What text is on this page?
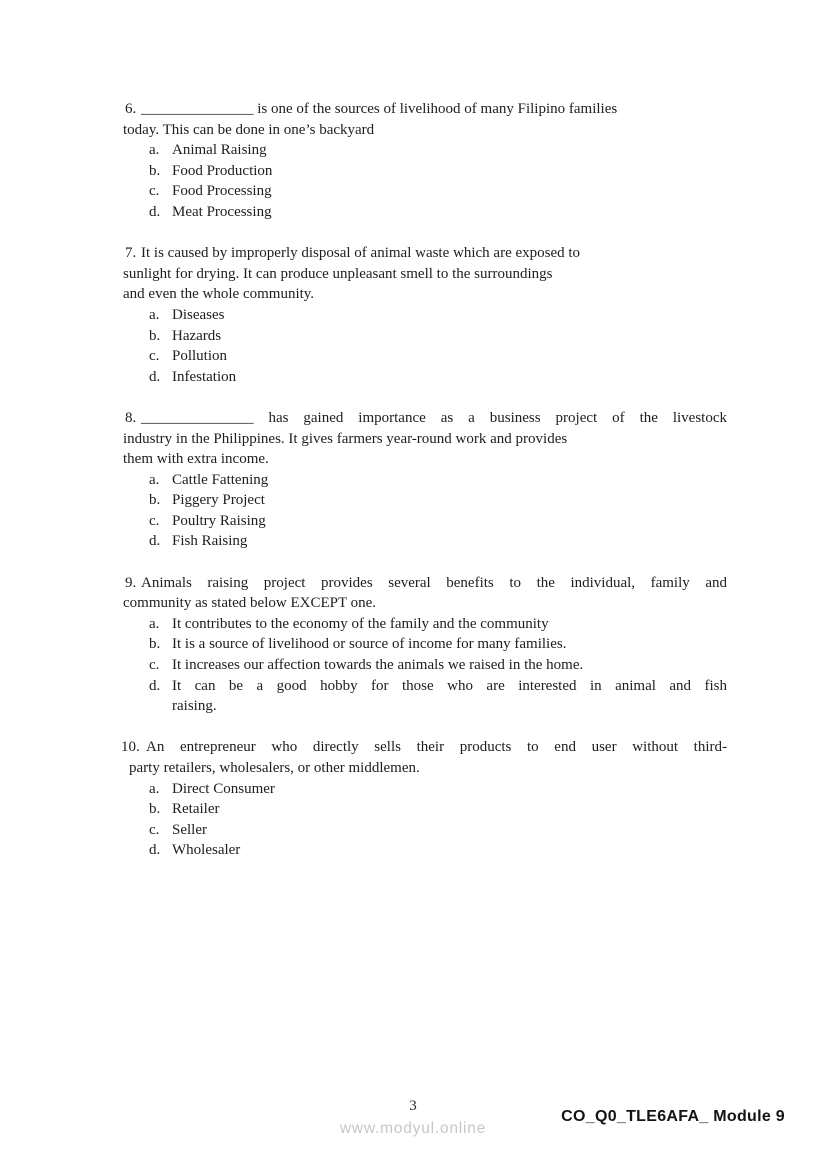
6. _______________ is one of the sources of livelihood of many Filipino families
today. This can be done in one’s backyard
a. Animal Raising
b. Food Production
c. Food Processing
d. Meat Processing
7. It is caused by improperly disposal of animal waste which are exposed to
sunlight for drying. It can produce unpleasant smell to the surroundings
and even the whole community.
a. Diseases
b. Hazards
c. Pollution
d. Infestation
8. _______________ has gained importance as a business project of the livestock
industry in the Philippines. It gives farmers year-round work and provides
them with extra income.
a. Cattle Fattening
b. Piggery Project
c. Poultry Raising
d. Fish Raising
9. Animals raising project provides several benefits to the individual, family and
community as stated below EXCEPT one.
a. It contributes to the economy of the family and the community
b. It is a source of livelihood or source of income for many families.
c. It increases our affection towards the animals we raised in the home.
d. It can be a good hobby for those who are interested in animal and fish
raising.
10. An entrepreneur who directly sells their products to end user without third-
party retailers, wholesalers, or other middlemen.
a. Direct Consumer
b. Retailer
c. Seller
d. Wholesaler
3
www.modyul.online
CO_Q0_TLE6AFA_ Module 9
